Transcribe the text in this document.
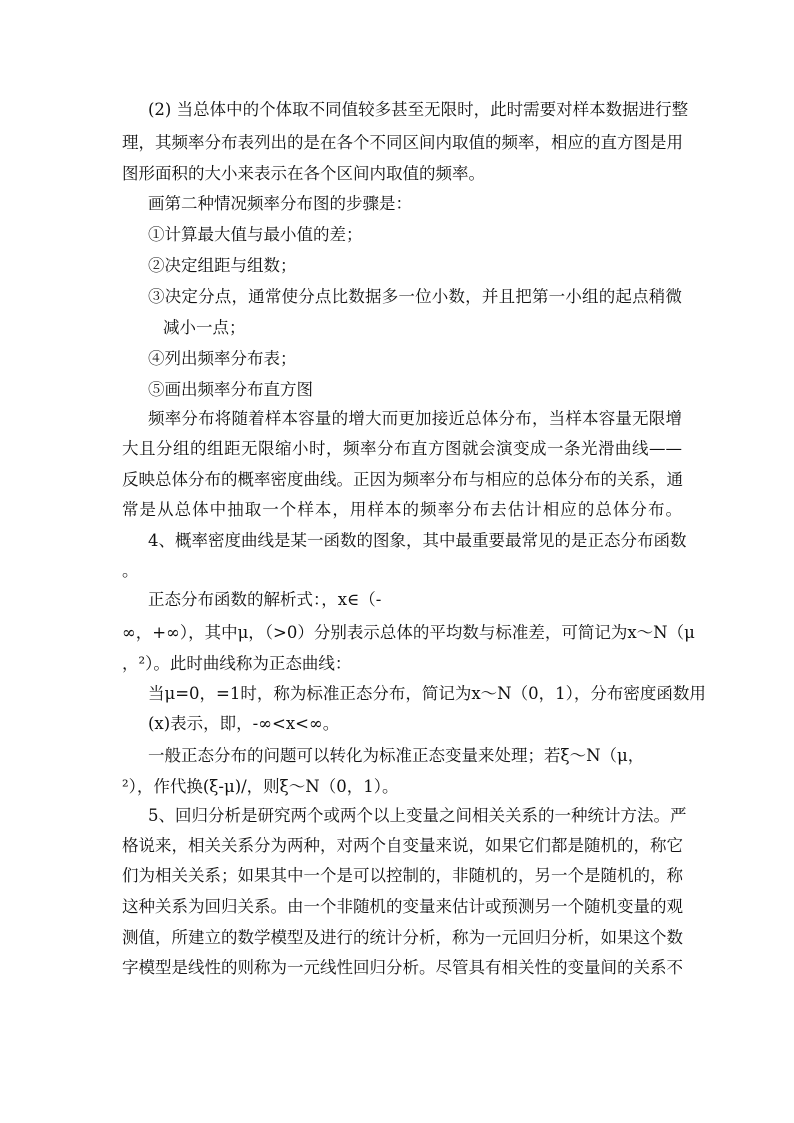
(2) 当总体中的个体取不同值较多甚至无限时，此时需要对样本数据进行整
理，其频率分布表列出的是在各个不同区间内取值的频率，相应的直方图是用
图形面积的大小来表示在各个区间内取值的频率。
画第二种情况频率分布图的步骤是：
①计算最大值与最小值的差；
②决定组距与组数；
③决定分点，通常使分点比数据多一位小数，并且把第一小组的起点稍微
减小一点；
④列出频率分布表；
⑤画出频率分布直方图
频率分布将随着样本容量的增大而更加接近总体分布，当样本容量无限增
大且分组的组距无限缩小时，频率分布直方图就会演变成一条光滑曲线——
反映总体分布的概率密度曲线。正因为频率分布与相应的总体分布的关系，通
常是从总体中抽取一个样本，用样本的频率分布去估计相应的总体分布。
4、概率密度曲线是某一函数的图象，其中最重要最常见的是正态分布函数
。
正态分布函数的解析式：，x∈（-
∞，+∞），其中μ，（>0）分别表示总体的平均数与标准差，可简记为x～N（μ
，²）。此时曲线称为正态曲线：
当μ=0，=1时，称为标准正态分布，简记为x～N（0，1），分布密度函数用
(x)表示，即，-∞<x<∞。
一般正态分布的问题可以转化为标准正态变量来处理；若ξ～N（μ，
²），作代换(ξ-μ)/，则ξ～N（0，1）。
5、回归分析是研究两个或两个以上变量之间相关关系的一种统计方法。严
格说来，相关关系分为两种，对两个自变量来说，如果它们都是随机的，称它
们为相关关系；如果其中一个是可以控制的，非随机的，另一个是随机的，称
这种关系为回归关系。由一个非随机的变量来估计或预测另一个随机变量的观
测值，所建立的数学模型及进行的统计分析，称为一元回归分析，如果这个数
字模型是线性的则称为一元线性回归分析。尽管具有相关性的变量间的关系不
